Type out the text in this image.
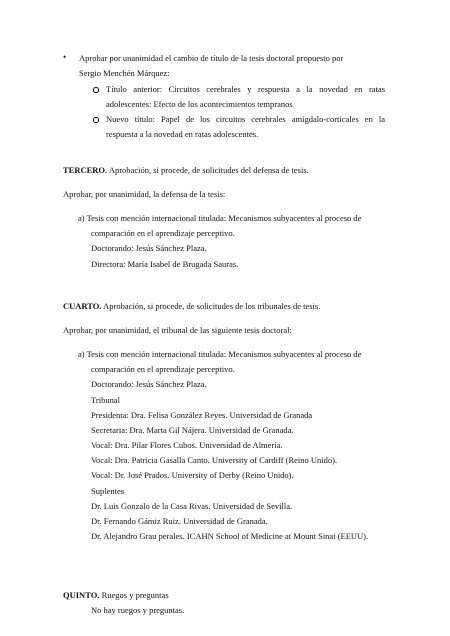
• Aprobar por unanimidad el cambio de título de la tesis doctoral propuesto por
Sergio Menchén Márquez:
Título anterior: Circuitos cerebrales y respuesta a la novedad en ratas
adolescentes: Efecto de los acontecimientos tempranos
Nuevo título: Papel de los circuitos cerebrales amígdalo-corticales en la
respuesta a la novedad en ratas adolescentes.
TERCERO. Aprobación, si procede, de solicitudes del defensa de tesis.
Aprobar, por unanimidad, la defensa de la tesis:
a) Tesis con mención internacional titulada: Mecanismos subyacentes al proceso de
comparación en el aprendizaje perceptivo.
Doctorando: Jesús Sánchez Plaza.
Directora: María Isabel de Brugada Sauras.
CUARTO. Aprobación, si procede, de solicitudes de los tribunales de tesis.
Aprobar, por unanimidad, el tribunal de las siguiente tesis doctoral:
a) Tesis con mención internacional titulada: Mecanismos subyacentes al proceso de
comparación en el aprendizaje perceptivo.
Doctorando: Jesús Sánchez Plaza.
Tribunal
Presidenta: Dra. Felisa González Reyes. Universidad de Granada
Secretaria: Dra. Marta Gil Nájera. Universidad de Granada.
Vocal: Dra. Pilar Flores Cubos. Universidad de Almería.
Vocal: Dra. Patricia Gasalla Canto. University of Cardiff (Reino Unido).
Vocal: Dr. José Prados. University of Derby (Reino Unido).
Suplentes
Dr. Luis Gonzalo de la Casa Rivas. Universidad de Sevilla.
Dr. Fernando Gámiz Ruiz. Universidad de Granada.
Dr. Alejandro Grau perales. ICAHN School of Medicine at Mount Sinai (EEUU).
QUINTO. Ruegos y preguntas
No hay ruegos y preguntas.
